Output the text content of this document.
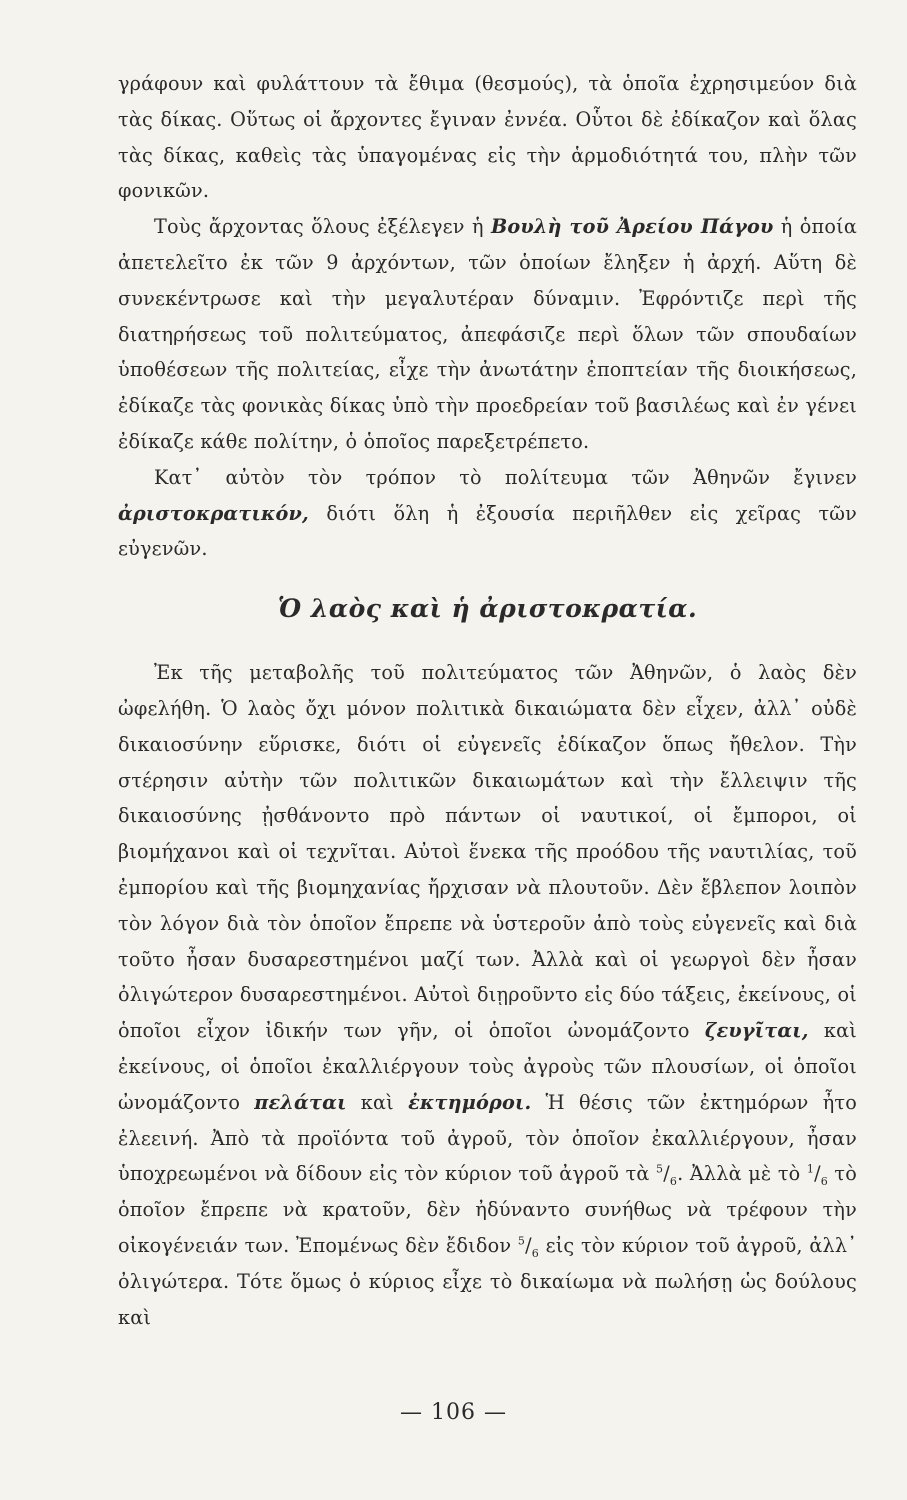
γράφουν καὶ φυλάττουν τὰ ἔθιμα (θεσμούς), τὰ ὁποῖα ἐχρησιμεύον διὰ τὰς δίκας. Οὕτως οἱ ἄρχοντες ἔγιναν ἐννέα. Οὗτοι δὲ ἐδίκαζον καὶ ὅλας τὰς δίκας, καθεὶς τὰς ὑπαγομένας εἰς τὴν ἁρμοδιότητά του, πλὴν τῶν φονικῶν.

Τοὺς ἄρχοντας ὅλους ἐξέλεγεν ἡ Βουλὴ τοῦ Ἀρείου Πάγου ἡ ὁποία ἀπετελεῖτο ἐκ τῶν 9 ἀρχόντων, τῶν ὁποίων ἔληξεν ἡ ἀρχή. Αὕτη δὲ συνεκέντρωσε καὶ τὴν μεγαλυτέραν δύναμιν. Ἐφρόντιζε περὶ τῆς διατηρήσεως τοῦ πολιτεύματος, ἀπεφάσιζε περὶ ὅλων τῶν σπουδαίων ὑποθέσεων τῆς πολιτείας, εἶχε τὴν ἀνωτάτην ἐποπτείαν τῆς διοικήσεως, ἐδίκαζε τὰς φονικὰς δίκας ὑπὸ τὴν προεδρείαν τοῦ βασιλέως καὶ ἐν γένει ἐδίκαζε κάθε πολίτην, ὁ ὁποῖος παρεξετρέπετο.

Κατ᾽ αὐτὸν τὸν τρόπον τὸ πολίτευμα τῶν Ἀθηνῶν ἔγινεν ἀριστοκρατικόν, διότι ὅλη ἡ ἐξουσία περιῆλθεν εἰς χεῖρας τῶν εὐγενῶν.

Ὁ λαὸς καὶ ἡ ἀριστοκρατία.

Ἐκ τῆς μεταβολῆς τοῦ πολιτεύματος τῶν Ἀθηνῶν, ὁ λαὸς δὲν ὠφελήθη. Ὁ λαὸς ὄχι μόνον πολιτικὰ δικαιώματα δὲν εἶχεν, ἀλλ᾽ οὐδὲ δικαιοσύνην εὕρισκε, διότι οἱ εὐγενεῖς ἐδίκαζον ὅπως ἤθελον. Τὴν στέρησιν αὐτὴν τῶν πολιτικῶν δικαιωμάτων καὶ τὴν ἔλλειψιν τῆς δικαιοσύνης ᾐσθάνοντο πρὸ πάντων οἱ ναυτικοί, οἱ ἔμποροι, οἱ βιομήχανοι καὶ οἱ τεχνῖται. Αὐτοὶ ἕνεκα τῆς προόδου τῆς ναυτιλίας, τοῦ ἐμπορίου καὶ τῆς βιομηχανίας ἤρχισαν νὰ πλουτοῦν. Δὲν ἔβλεπον λοιπὸν τὸν λόγον διὰ τὸν ὁποῖον ἔπρεπε νὰ ὑστεροῦν ἀπὸ τοὺς εὐγενεῖς καὶ διὰ τοῦτο ἦσαν δυσαρεστημένοι μαζί των. Ἀλλὰ καὶ οἱ γεωργοὶ δὲν ἦσαν ὀλιγώτερον δυσαρεστημένοι. Αὐτοὶ διῃροῦντο εἰς δύο τάξεις, ἐκείνους, οἱ ὁποῖοι εἶχον ἰδικήν των γῆν, οἱ ὁποῖοι ὠνομάζοντο ζευγῖται, καὶ ἐκείνους, οἱ ὁποῖοι ἐκαλλιέργουν τοὺς ἀγροὺς τῶν πλουσίων, οἱ ὁποῖοι ὠνομάζοντο πελάται καὶ ἐκτημόροι. Ἡ θέσις τῶν ἐκτημόρων ἦτο ἐλεεινή. Ἀπὸ τὰ προϊόντα τοῦ ἀγροῦ, τὸν ὁποῖον ἐκαλλιέργουν, ἦσαν ὑποχρεωμένοι νὰ δίδουν εἰς τὸν κύριον τοῦ ἀγροῦ τὰ $^5/_6$. Ἀλλὰ μὲ τὸ $^1/_6$ τὸ ὁποῖον ἔπρεπε νὰ κρατοῦν, δὲν ἠδύναντο συνήθως νὰ τρέφουν τὴν οἰκογένειάν των. Ἐπομένως δὲν ἔδιδον $^5/_6$ εἰς τὸν κύριον τοῦ ἀγροῦ, ἀλλ᾽ ὀλιγώτερα. Τότε ὅμως ὁ κύριος εἶχε τὸ δικαίωμα νὰ πωλήσῃ ὡς δούλους καὶ

— 106 —
